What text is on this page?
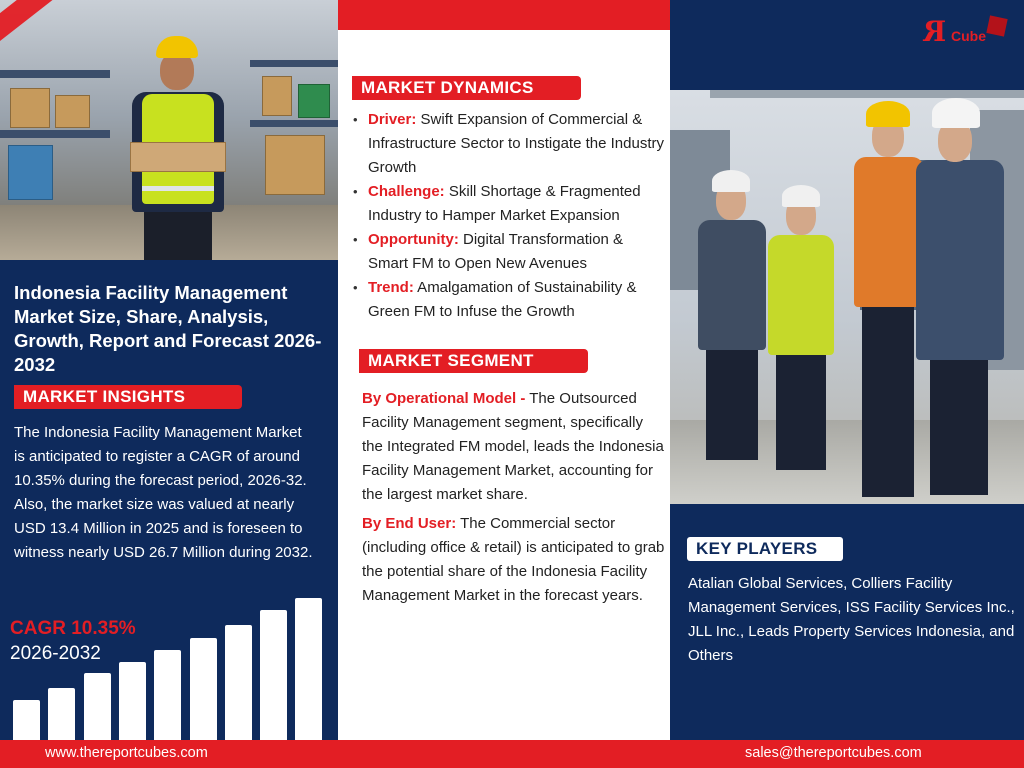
Indonesia Facility Management Market Size, Share, Analysis, Growth, Report and Forecast 2026-2032
MARKET INSIGHTS
The Indonesia Facility Management Market is anticipated to register a CAGR of around 10.35% during the forecast period, 2026-32. Also, the market size was valued at nearly USD 13.4 Million in 2025 and is foreseen to witness nearly USD 26.7 Million during 2032.
CAGR 10.35%
2026-2032
MARKET DYNAMICS
• Driver: Swift Expansion of Commercial & Infrastructure Sector to Instigate the Industry Growth
• Challenge: Skill Shortage & Fragmented Industry to Hamper Market Expansion
• Opportunity: Digital Transformation & Smart FM to Open New Avenues
• Trend: Amalgamation of Sustainability & Green FM to Infuse the Growth
MARKET SEGMENT
By Operational Model - The Outsourced Facility Management segment, specifically the Integrated FM model, leads the Indonesia Facility Management Market, accounting for the largest market share.
By End User: The Commercial sector (including office & retail) is anticipated to grab the potential share of the Indonesia Facility Management Market in the forecast years.
R Cube
KEY PLAYERS
Atalian Global Services, Colliers Facility Management Services, ISS Facility Services Inc., JLL Inc., Leads Property Services Indonesia, and Others
www.thereportcubes.com	sales@thereportcubes.com
